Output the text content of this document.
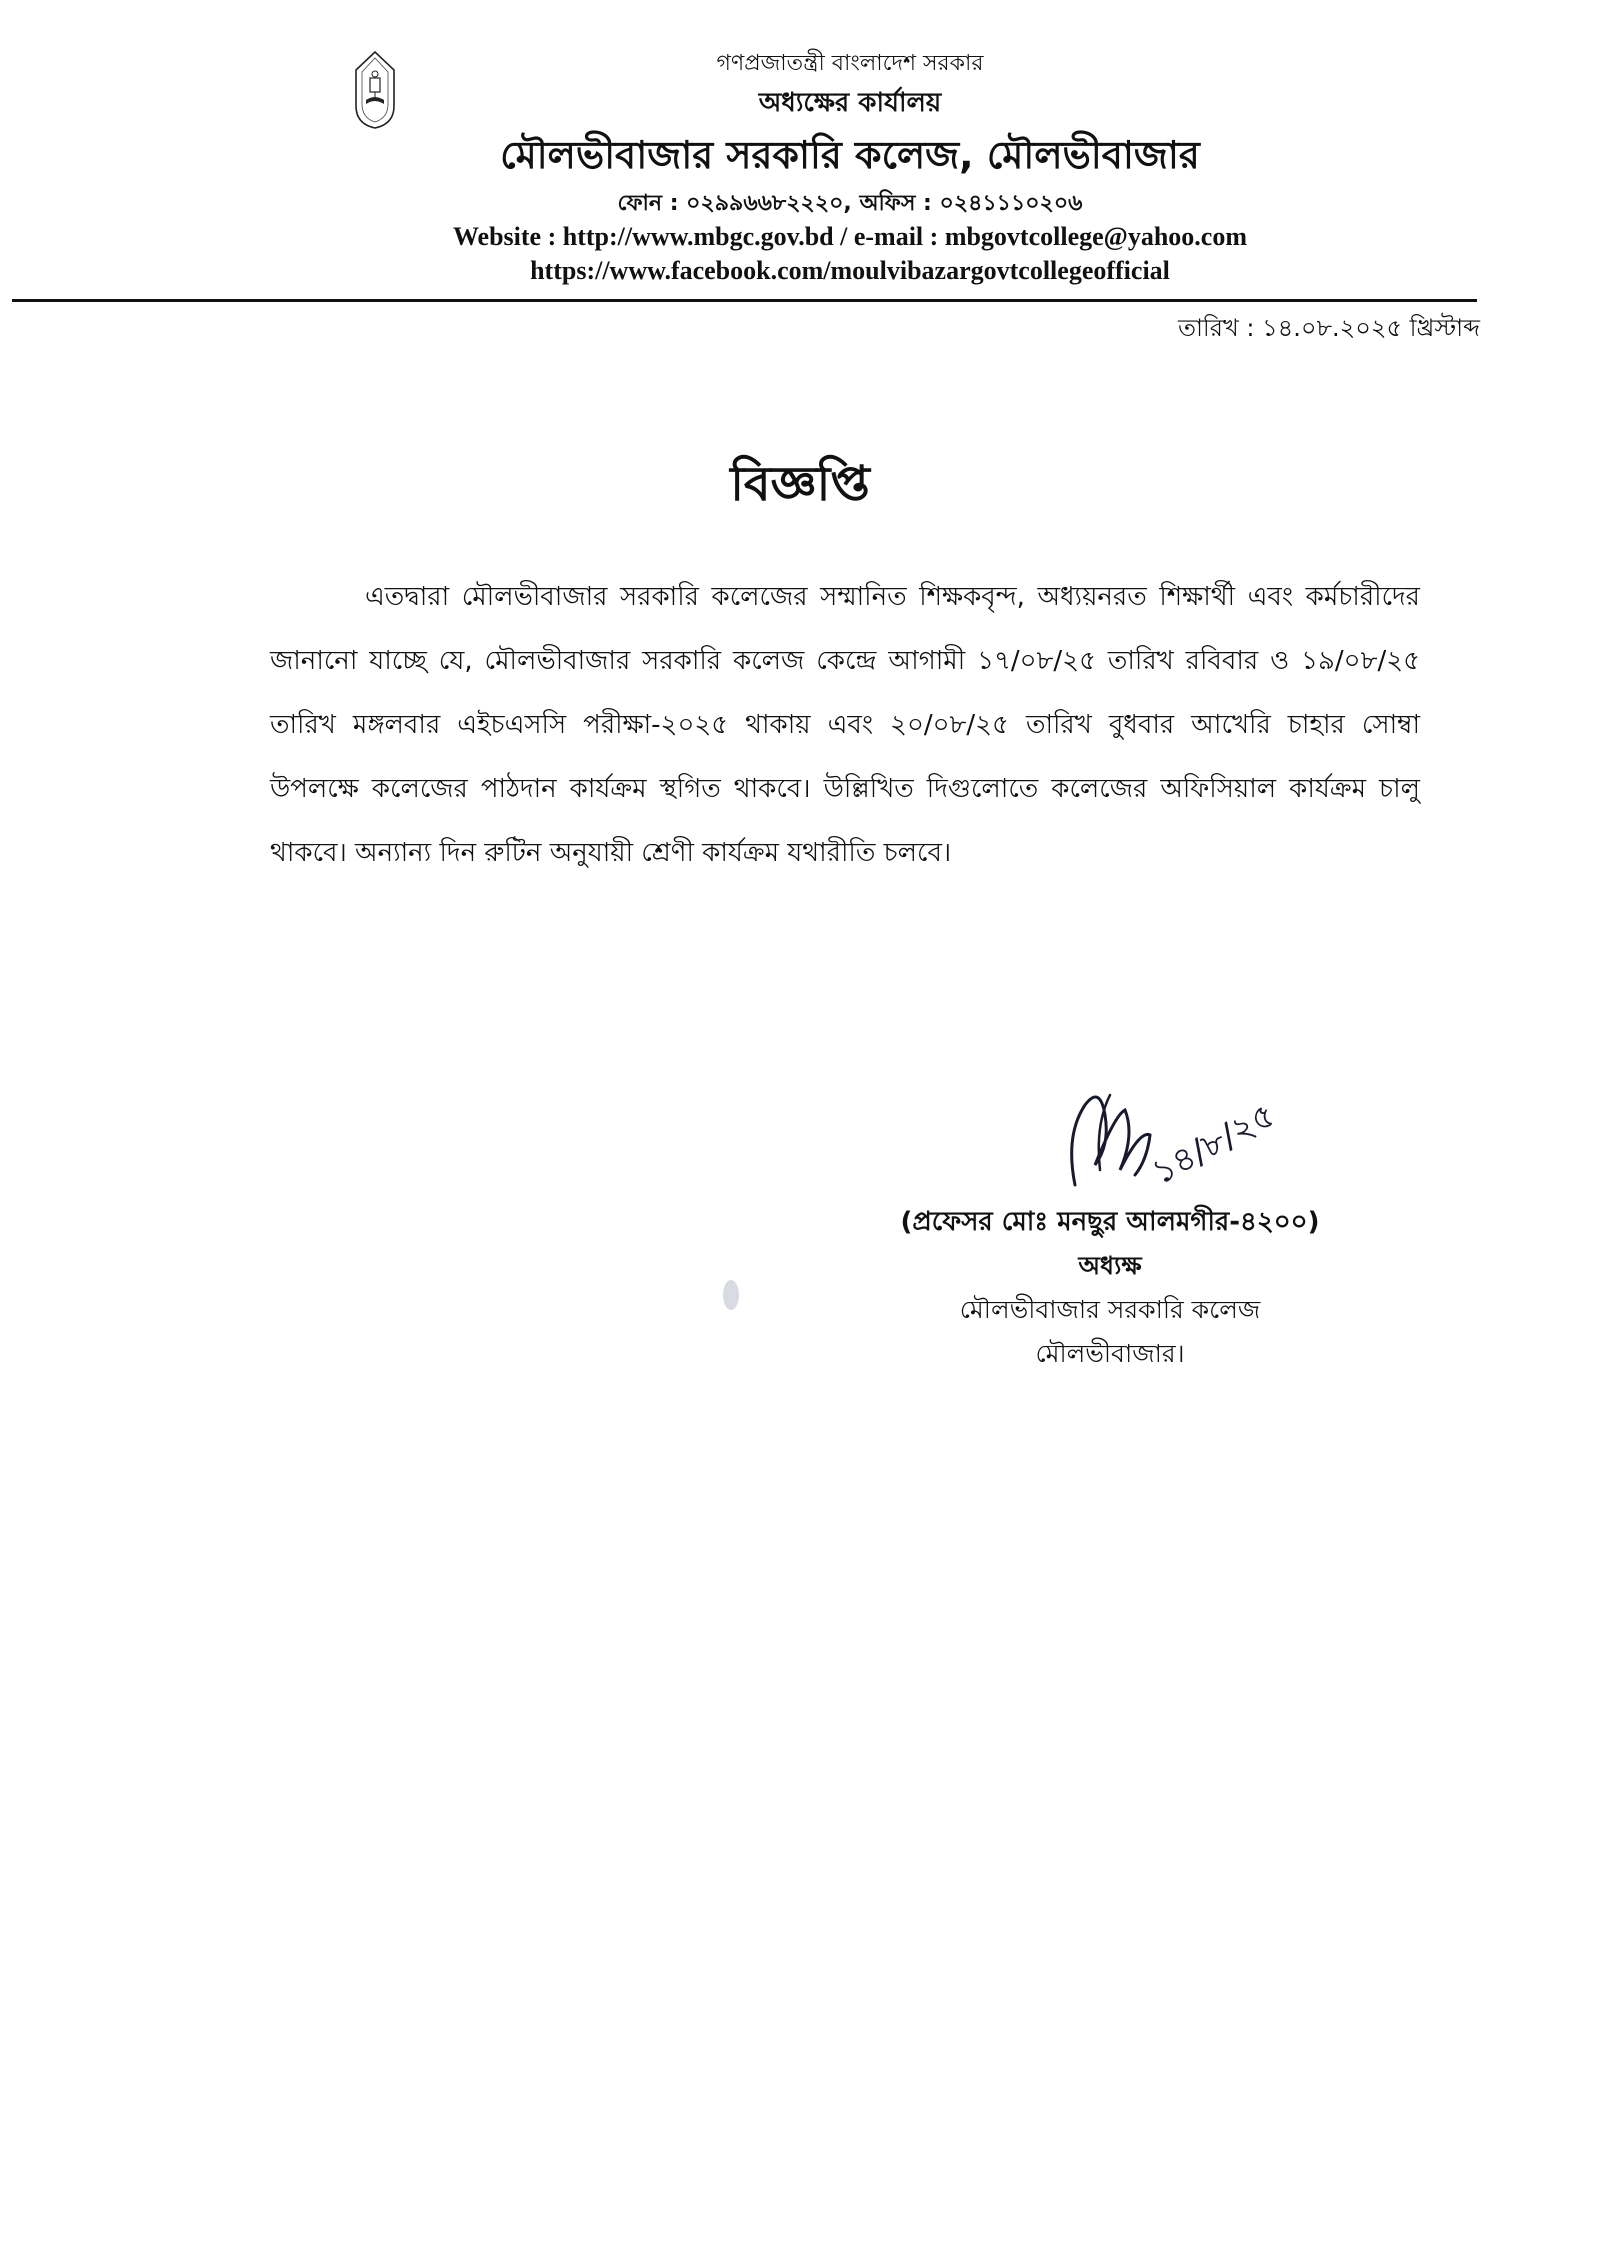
গণপ্রজাতন্ত্রী বাংলাদেশ সরকার
অধ্যক্ষের কার্যালয়
মৌলভীবাজার সরকারি কলেজ, মৌলভীবাজার
ফোন : ০২৯৯৬৬৮২২২০, অফিস : ০২৪১১১০২০৬
Website : http://www.mbgc.gov.bd / e-mail : mbgovtcollege@yahoo.com
https://www.facebook.com/moulvibazargovtcollegeofficial
তারিখ : ১৪.০৮.২০২৫ খ্রিস্টাব্দ
বিজ্ঞপ্তি
এতদ্বারা মৌলভীবাজার সরকারি কলেজের সম্মানিত শিক্ষকবৃন্দ, অধ্যয়নরত শিক্ষার্থী এবং কর্মচারীদের জানানো যাচ্ছে যে, মৌলভীবাজার সরকারি কলেজ কেন্দ্রে আগামী ১৭/০৮/২৫ তারিখ রবিবার ও ১৯/০৮/২৫ তারিখ মঙ্গলবার এইচএসসি পরীক্ষা-২০২৫ থাকায় এবং ২০/০৮/২৫ তারিখ বুধবার আখেরি চাহার সোম্বা উপলক্ষে কলেজের পাঠদান কার্যক্রম স্থগিত থাকবে। উল্লিখিত দিগুলোতে কলেজের অফিসিয়াল কার্যক্রম চালু থাকবে। অন্যান্য দিন রুটিন অনুযায়ী শ্রেণী কার্যক্রম যথারীতি চলবে।
১৪/৮/২৫
(প্রফেসর মোঃ মনছুর আলমগীর-৪২০০)
অধ্যক্ষ
মৌলভীবাজার সরকারি কলেজ
মৌলভীবাজার।
